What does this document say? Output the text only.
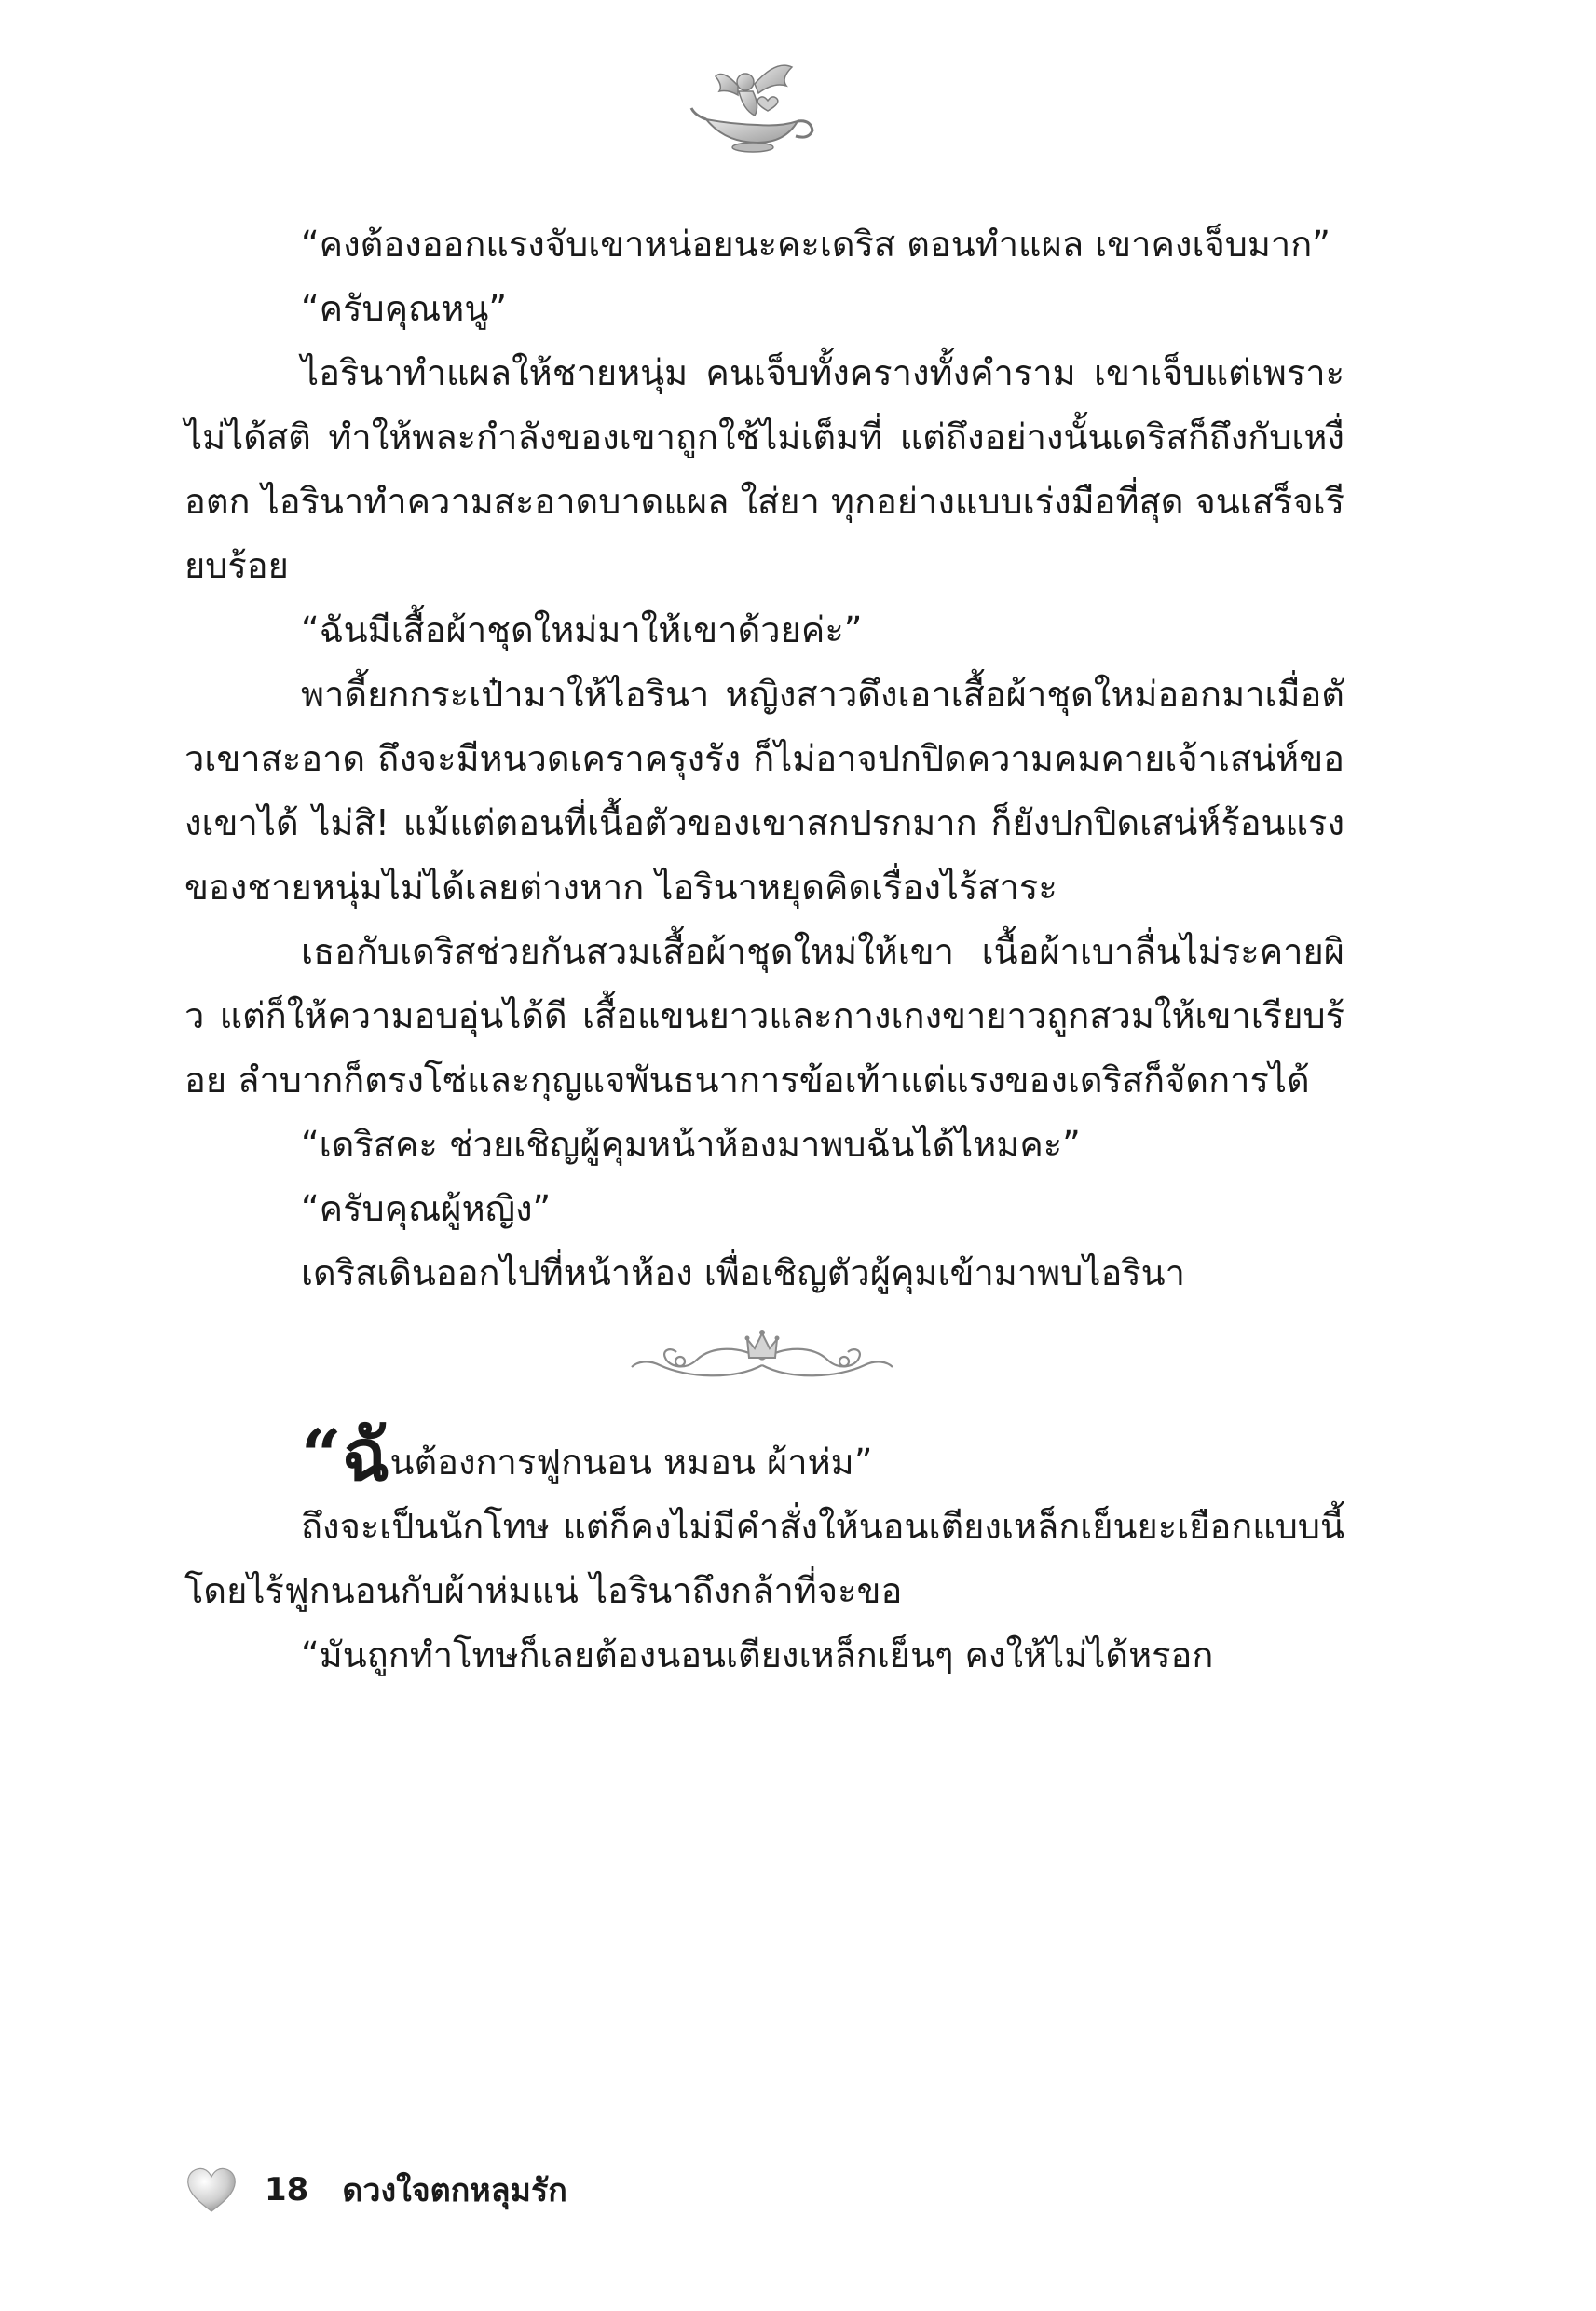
“คงต้องออกแรงจับเขาหน่อยนะคะเดริส ตอนทำแผล เขาคงเจ็บมาก”

“ครับคุณหนู”

ไอรินาทำแผลให้ชายหนุ่ม คนเจ็บทั้งครางทั้งคำราม เขาเจ็บแต่เพราะไม่ได้สติ ทำให้พละกำลังของเขาถูกใช้ไม่เต็มที่ แต่ถึงอย่างนั้นเดริสก็ถึงกับเหงื่อตก ไอรินาทำความสะอาดบาดแผล ใส่ยา ทุกอย่างแบบเร่งมือที่สุด จนเสร็จเรียบร้อย

“ฉันมีเสื้อผ้าชุดใหม่มาให้เขาด้วยค่ะ”

พาดี้ยกกระเป๋ามาให้ไอรินา หญิงสาวดึงเอาเสื้อผ้าชุดใหม่ออกมาเมื่อตัวเขาสะอาด ถึงจะมีหนวดเคราครุงรัง ก็ไม่อาจปกปิดความคมคายเจ้าเสน่ห์ของเขาได้ ไม่สิ! แม้แต่ตอนที่เนื้อตัวของเขาสกปรกมาก ก็ยังปกปิดเสน่ห์ร้อนแรงของชายหนุ่มไม่ได้เลยต่างหาก ไอรินาหยุดคิดเรื่องไร้สาระ

เธอกับเดริสช่วยกันสวมเสื้อผ้าชุดใหม่ให้เขา เนื้อผ้าเบาลื่นไม่ระคายผิว แต่ก็ให้ความอบอุ่นได้ดี เสื้อแขนยาวและกางเกงขายาวถูกสวมให้เขาเรียบร้อย ลำบากก็ตรงโซ่และกุญแจพันธนาการข้อเท้าแต่แรงของเดริสก็จัดการได้

“เดริสคะ ช่วยเชิญผู้คุมหน้าห้องมาพบฉันได้ไหมคะ”

“ครับคุณผู้หญิง”

เดริสเดินออกไปที่หน้าห้อง เพื่อเชิญตัวผู้คุมเข้ามาพบไอรินา

“ฉันต้องการฟูกนอน หมอน ผ้าห่ม”

ถึงจะเป็นนักโทษ แต่ก็คงไม่มีคำสั่งให้นอนเตียงเหล็กเย็นยะเยือกแบบนี้โดยไร้ฟูกนอนกับผ้าห่มแน่ ไอรินาถึงกล้าที่จะขอ

“มันถูกทำโทษก็เลยต้องนอนเตียงเหล็กเย็นๆ คงให้ไม่ได้หรอก

18 ดวงใจตกหลุมรัก
